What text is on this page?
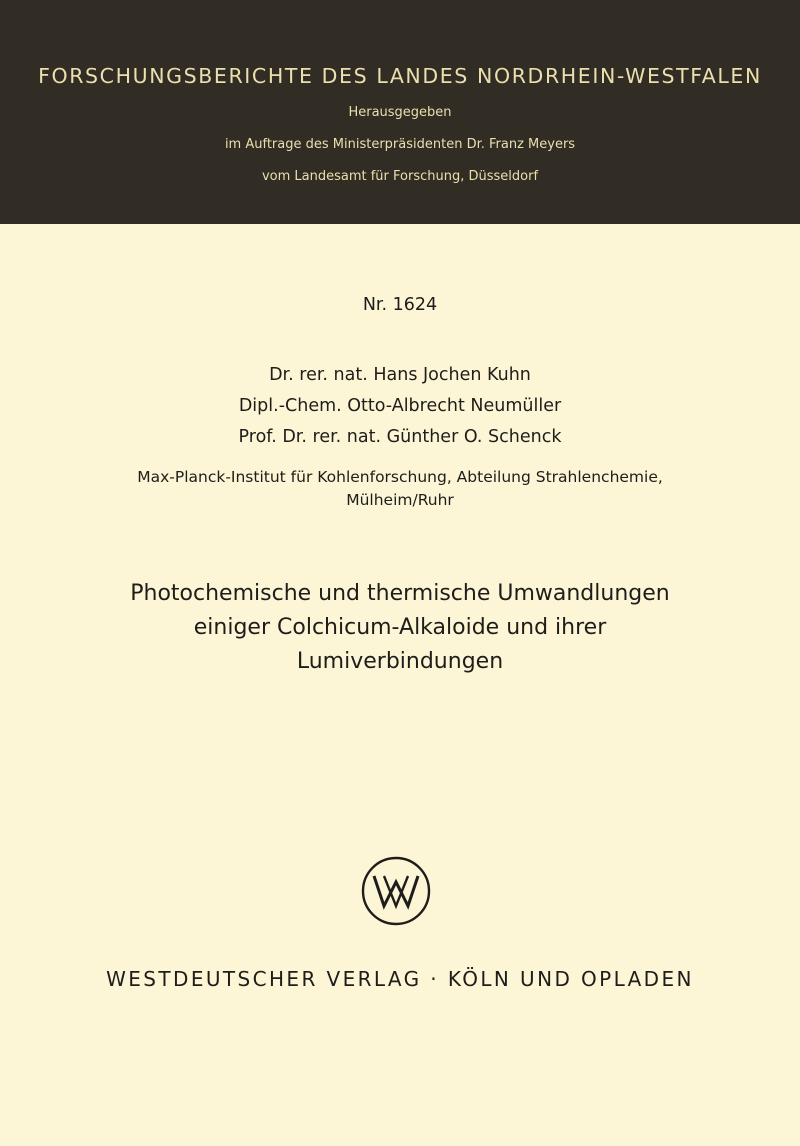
FORSCHUNGSBERICHTE DES LANDES NORDRHEIN-WESTFALEN
Herausgegeben
im Auftrage des Ministerpräsidenten Dr. Franz Meyers
vom Landesamt für Forschung, Düsseldorf
Nr. 1624
Dr. rer. nat. Hans Jochen Kuhn
Dipl.-Chem. Otto-Albrecht Neumüller
Prof. Dr. rer. nat. Günther O. Schenck
Max-Planck-Institut für Kohlenforschung, Abteilung Strahlenchemie,
Mülheim/Ruhr
Photochemische und thermische Umwandlungen
einiger Colchicum-Alkaloide und ihrer
Lumiverbindungen
WESTDEUTSCHER VERLAG · KÖLN UND OPLADEN
